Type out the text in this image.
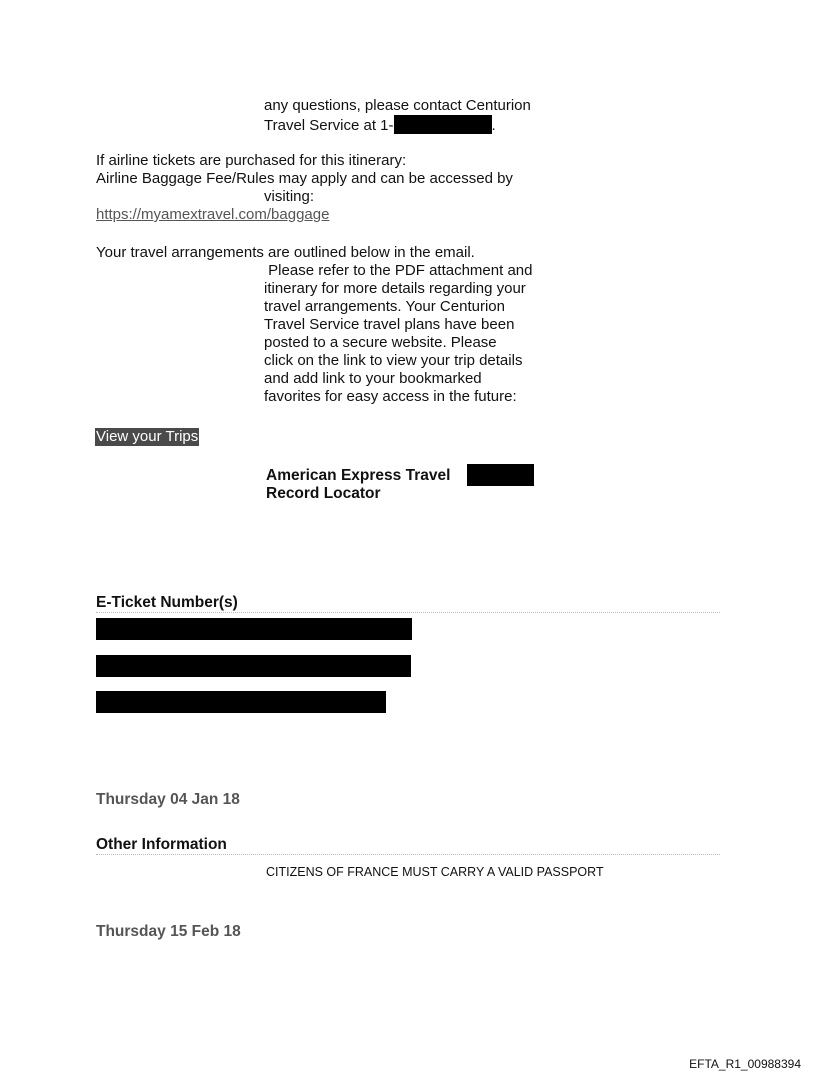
any questions, please contact Centurion
Travel Service at 1-	.
If airline tickets are purchased for this itinerary:
Airline Baggage Fee/Rules may apply and can be accessed by
visiting:
https://myamextravel.com/baggage
Your travel arrangements are outlined below in the email.
Please refer to the PDF attachment and
itinerary for more details regarding your
travel arrangements. Your Centurion
Travel Service travel plans have been
posted to a secure website. Please
click on the link to view your trip details
and add link to your bookmarked
favorites for easy access in the future:
View your Trips
American Express Travel
Record Locator
E-Ticket Number(s)
Thursday 04 Jan 18
Other Information
CITIZENS OF FRANCE MUST CARRY A VALID PASSPORT
Thursday 15 Feb 18
EFTA_R1_00988394
